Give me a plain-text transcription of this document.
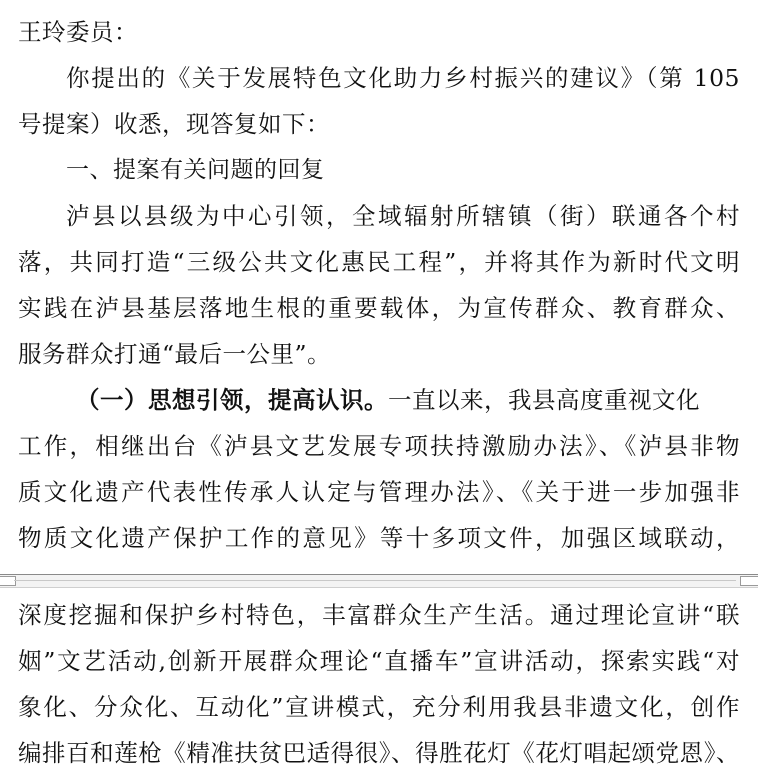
王玲委员：
你提出的《关于发展特色文化助力乡村振兴的建议》（第 105
号提案）收悉，现答复如下：
一、提案有关问题的回复
泸县以县级为中心引领，全域辐射所辖镇（街）联通各个村
落，共同打造“三级公共文化惠民工程”，并将其作为新时代文明
实践在泸县基层落地生根的重要载体，为宣传群众、教育群众、
服务群众打通“最后一公里”。
（一）思想引领，提高认识。一直以来，我县高度重视文化
工作，相继出台《泸县文艺发展专项扶持激励办法》、《泸县非物
质文化遗产代表性传承人认定与管理办法》、《关于进一步加强非
物质文化遗产保护工作的意见》等十多项文件，加强区域联动，
深度挖掘和保护乡村特色，丰富群众生产生活。通过理论宣讲“联
姻”文艺活动,创新开展群众理论“直播车”宣讲活动，探索实践“对
象化、分众化、互动化”宣讲模式，充分利用我县非遗文化，创作
编排百和莲枪《精准扶贫巴适得很》、得胜花灯《花灯唱起颂党恩》、
